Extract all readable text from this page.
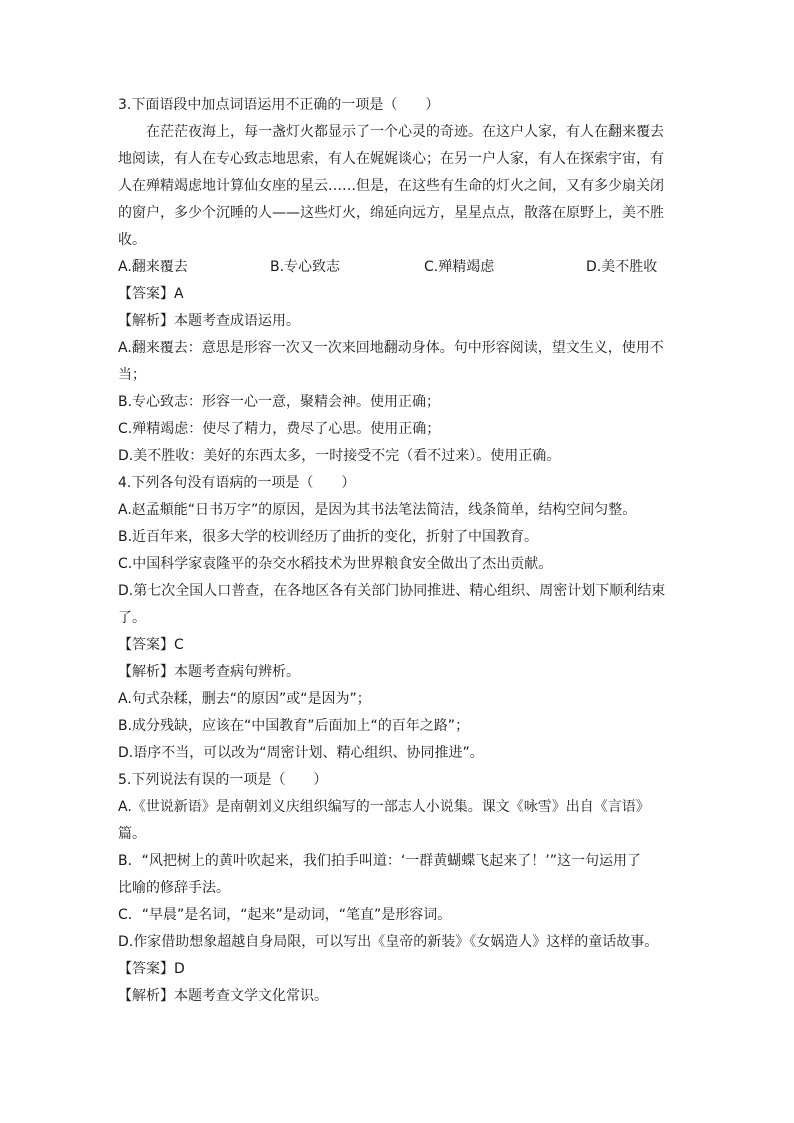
3.下面语段中加点词语运用不正确的一项是（　　）
在茫茫夜海上，每一盏灯火都显示了一个心灵的奇迹。在这户人家，有人在翻来覆去
地阅读，有人在专心致志地思索，有人在娓娓谈心；在另一户人家，有人在探索宇宙，有
人在殚精竭虑地计算仙女座的星云……但是，在这些有生命的灯火之间，又有多少扇关闭
的窗户，多少个沉睡的人——这些灯火，绵延向远方，星星点点，散落在原野上，美不胜
收。
A.翻来覆去	B.专心致志	C.殚精竭虑	D.美不胜收
【答案】A
【解析】本题考查成语运用。
A.翻来覆去：意思是形容一次又一次来回地翻动身体。句中形容阅读，望文生义，使用不
当；
B.专心致志：形容一心一意，聚精会神。使用正确；
C.殚精竭虑：使尽了精力，费尽了心思。使用正确；
D.美不胜收：美好的东西太多，一时接受不完（看不过来）。使用正确。
4.下列各句没有语病的一项是（　　）
A.赵孟頫能“日书万字”的原因，是因为其书法笔法简洁，线条简单，结构空间匀整。
B.近百年来，很多大学的校训经历了曲折的变化，折射了中国教育。
C.中国科学家袁隆平的杂交水稻技术为世界粮食安全做出了杰出贡献。
D.第七次全国人口普查，在各地区各有关部门协同推进、精心组织、周密计划下顺利结束
了。
【答案】C
【解析】本题考查病句辨析。
A.句式杂糅，删去“的原因”或“是因为”；
B.成分残缺，应该在“中国教育”后面加上“的百年之路”；
D.语序不当，可以改为“周密计划、精心组织、协同推进”。
5.下列说法有误的一项是（　　）
A.《世说新语》是南朝刘义庆组织编写的一部志人小说集。课文《咏雪》出自《言语》
篇。
B．“风把树上的黄叶吹起来，我们拍手叫道：‘一群黄蝴蝶飞起来了！’”这一句运用了
比喻的修辞手法。
C．“早晨”是名词，“起来”是动词，“笔直”是形容词。
D.作家借助想象超越自身局限，可以写出《皇帝的新装》《女娲造人》这样的童话故事。
【答案】D
【解析】本题考查文学文化常识。
